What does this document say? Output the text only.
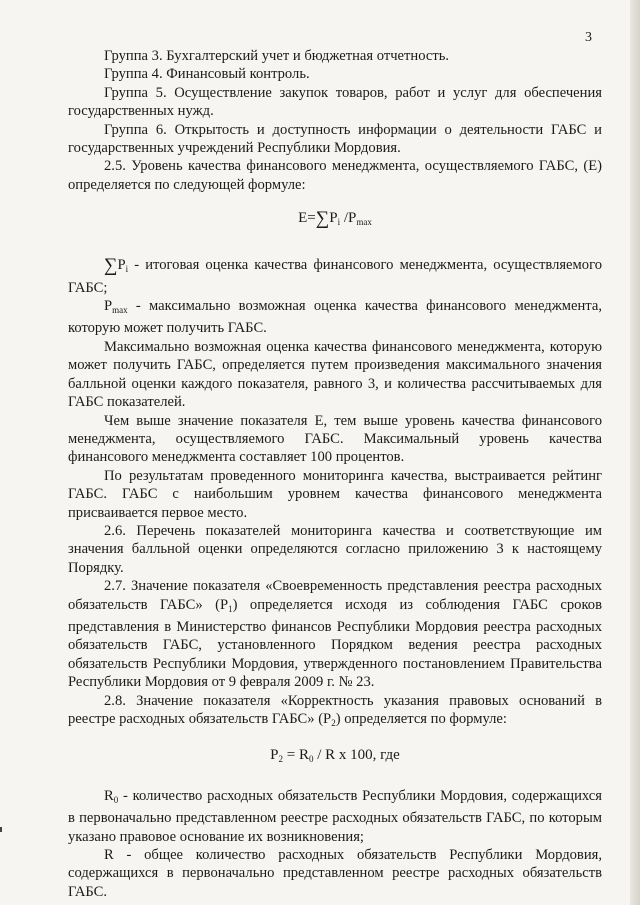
3

Группа 3. Бухгалтерский учет и бюджетная отчетность.

Группа 4. Финансовый контроль.

Группа 5. Осуществление закупок товаров, работ и услуг для обеспечения государственных нужд.

Группа 6. Открытость и доступность информации о деятельности ГАБС и государственных учреждений Республики Мордовия.

2.5. Уровень качества финансового менеджмента, осуществляемого ГАБС, (Е) определяется по следующей формуле:

$Е=\sum P_i$ $/P_{max}$

$\sum P_i$ - итоговая оценка качества финансового менеджмента, осуществляемого ГАБС;

$P_{max}$ - максимально возможная оценка качества финансового менеджмента, которую может получить ГАБС.

Максимально возможная оценка качества финансового менеджмента, которую может получить ГАБС, определяется путем произведения максимального значения балльной оценки каждого показателя, равного 3, и количества рассчитываемых для ГАБС показателей.

Чем выше значение показателя Е, тем выше уровень качества финансового менеджмента, осуществляемого ГАБС. Максимальный уровень качества финансового менеджмента составляет 100 процентов.

По результатам проведенного мониторинга качества, выстраивается рейтинг ГАБС. ГАБС с наибольшим уровнем качества финансового менеджмента присваивается первое место.

2.6. Перечень показателей мониторинга качества и соответствующие им значения балльной оценки определяются согласно приложению 3 к настоящему Порядку.

2.7. Значение показателя «Своевременность представления реестра расходных обязательств ГАБС» $(P_1)$ определяется исходя из соблюдения ГАБС сроков представления в Министерство финансов Республики Мордовия реестра расходных обязательств ГАБС, установленного Порядком ведения реестра расходных обязательств Республики Мордовия, утвержденного постановлением Правительства Республики Мордовия от 9 февраля 2009 г. № 23.

2.8. Значение показателя «Корректность указания правовых оснований в реестре расходных обязательств ГАБС» $(P_2)$ определяется по формуле:

$P_2 = R_0 / R$ x 100, где

$R_0$ - количество расходных обязательств Республики Мордовия, содержащихся в первоначально представленном реестре расходных обязательств ГАБС, по которым указано правовое основание их возникновения;

R - общее количество расходных обязательств Республики Мордовия, содержащихся в первоначально представленном реестре расходных обязательств ГАБС.
